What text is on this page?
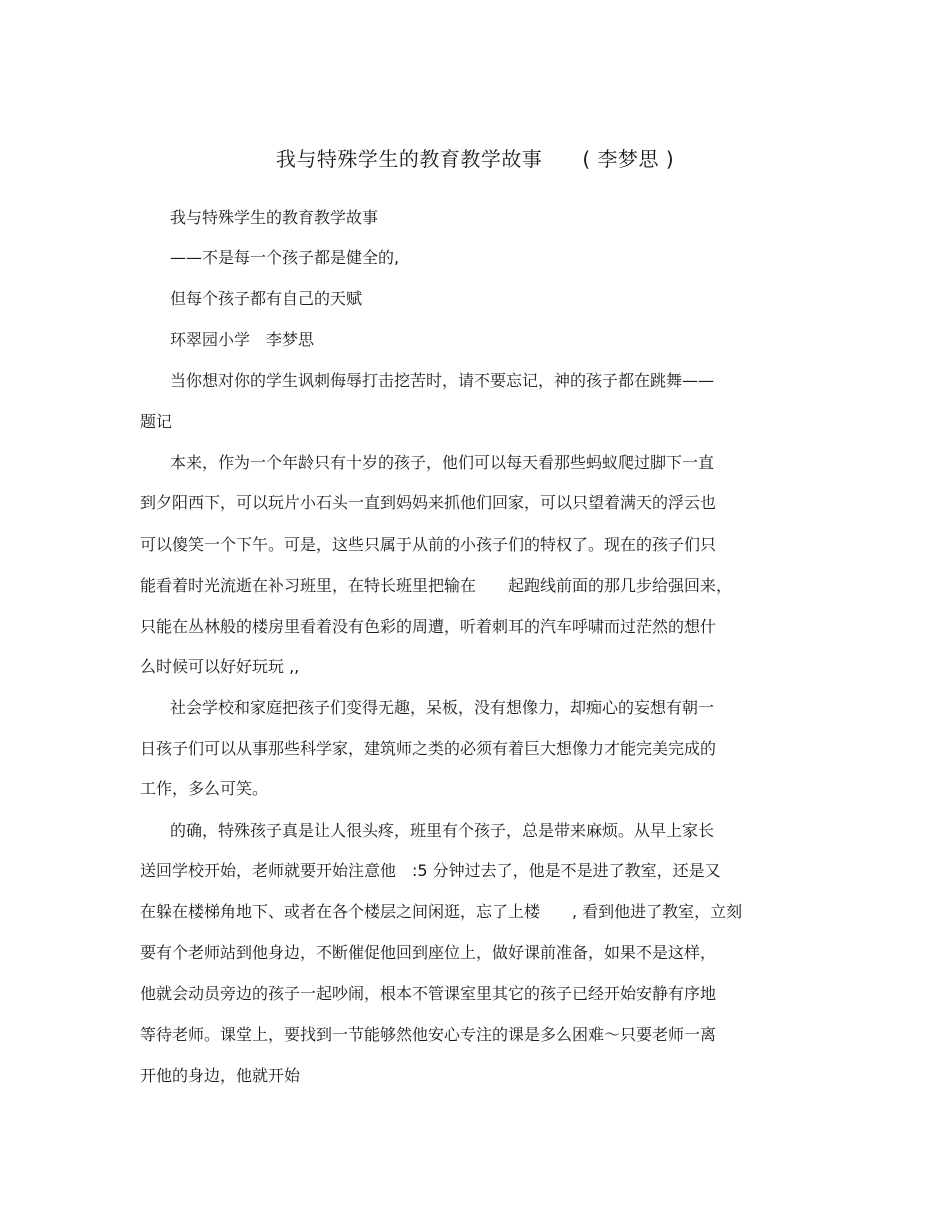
我与特殊学生的教育教学故事 ( 李梦思 )
我与特殊学生的教育教学故事
——不是每一个孩子都是健全的,
但每个孩子都有自己的天赋
环翠园小学　李梦思
当你想对你的学生讽刺侮辱打击挖苦时，请不要忘记，神的孩子都在跳舞——
题记
本来，作为一个年龄只有十岁的孩子，他们可以每天看那些蚂蚁爬过脚下一直
到夕阳西下，可以玩片小石头一直到妈妈来抓他们回家，可以只望着满天的浮云也
可以傻笑一个下午。可是，这些只属于从前的小孩子们的特权了。现在的孩子们只
能看着时光流逝在补习班里，在特长班里把输在　　起跑线前面的那几步给强回来，
只能在丛林般的楼房里看着没有色彩的周遭，听着刺耳的汽车呼啸而过茫然的想什
么时候可以好好玩玩 ,,
社会学校和家庭把孩子们变得无趣，呆板，没有想像力，却痴心的妄想有朝一
日孩子们可以从事那些科学家，建筑师之类的必须有着巨大想像力才能完美完成的
工作，多么可笑。
的确，特殊孩子真是让人很头疼，班里有个孩子，总是带来麻烦。从早上家长
送回学校开始，老师就要开始注意他　:5 分钟过去了，他是不是进了教室，还是又
在躲在楼梯角地下、或者在各个楼层之间闲逛，忘了上楼　　, 看到他进了教室，立刻
要有个老师站到他身边，不断催促他回到座位上，做好课前准备，如果不是这样，
他就会动员旁边的孩子一起吵闹，根本不管课室里其它的孩子已经开始安静有序地
等待老师。课堂上，要找到一节能够然他安心专注的课是多么困难～只要老师一离
开他的身边，他就开始
